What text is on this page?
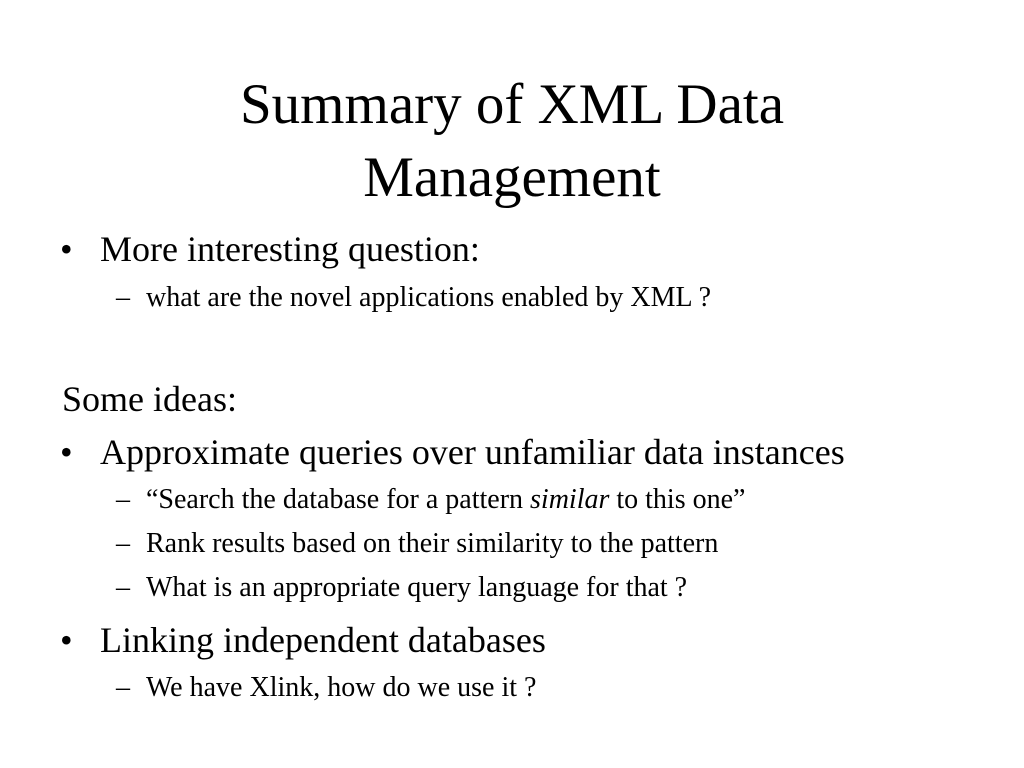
Summary of XML Data
Management
• More interesting question:
– what are the novel applications enabled by XML ?
Some ideas:
• Approximate queries over unfamiliar data instances
– “Search the database for a pattern similar to this one”
– Rank results based on their similarity to the pattern
– What is an appropriate query language for that ?
• Linking independent databases
– We have Xlink, how do we use it ?
